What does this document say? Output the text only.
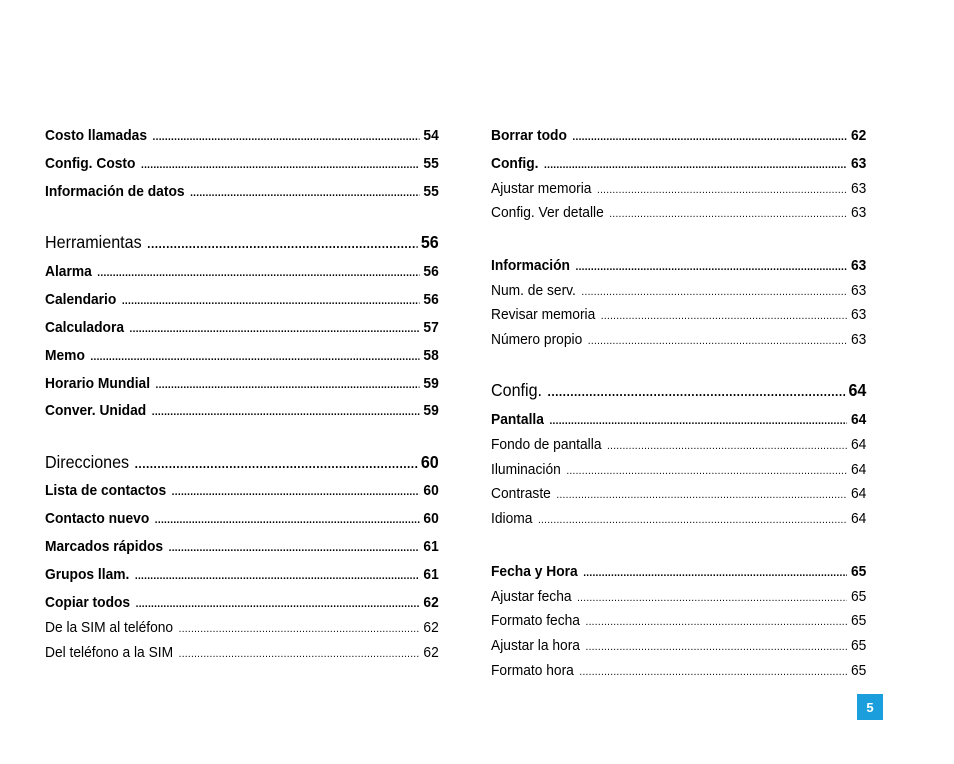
Costo llamadas .....	54
Config. Costo .....	55
Información de datos .....	55
Herramientas .....	56
Alarma .....	56
Calendario .....	56
Calculadora .....	57
Memo .....	58
Horario Mundial .....	59
Conver. Unidad .....	59
Direcciones .....	60
Lista de contactos .....	60
Contacto nuevo .....	60
Marcados rápidos .....	61
Grupos llam. .....	61
Copiar todos .....	62
De la SIM al teléfono .....	62
Del teléfono a la SIM .....	62
Borrar todo .....	62
Config. .....	63
Ajustar memoria .....	63
Config. Ver detalle .....	63
Información .....	63
Num. de serv. .....	63
Revisar memoria .....	63
Número propio .....	63
Config. .....	64
Pantalla .....	64
Fondo de pantalla .....	64
Iluminación .....	64
Contraste .....	64
Idioma .....	64
Fecha y Hora .....	65
Ajustar fecha .....	65
Formato fecha .....	65
Ajustar la hora .....	65
Formato hora .....	65
5
